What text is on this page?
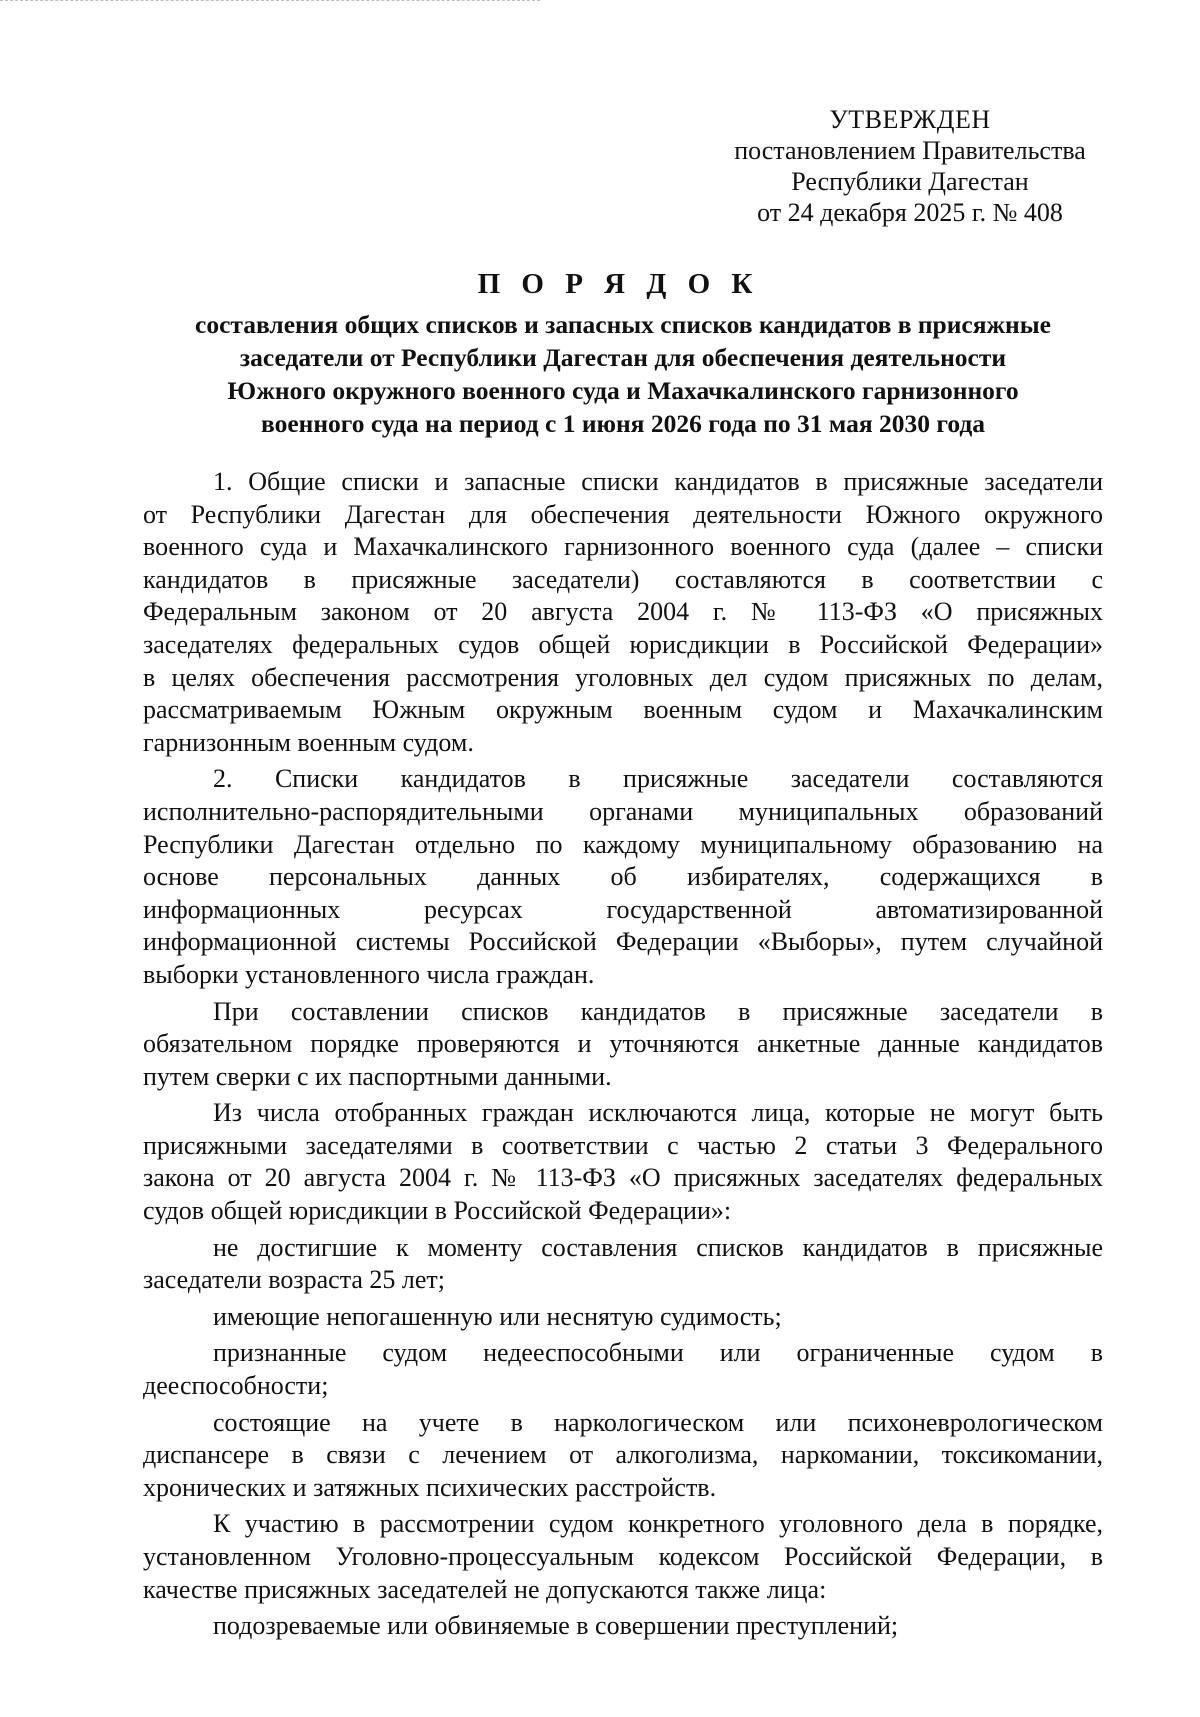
УТВЕРЖДЕН
постановлением Правительства
Республики Дагестан
от 24 декабря 2025 г. № 408
П О Р Я Д О К
составления общих списков и запасных списков кандидатов в присяжные
заседатели от Республики Дагестан для обеспечения деятельности
Южного окружного военного суда и Махачкалинского гарнизонного
военного суда на период с 1 июня 2026 года по 31 мая 2030 года

1. Общие списки и запасные списки кандидатов в присяжные заседатели
от Республики Дагестан для обеспечения деятельности Южного окружного
военного суда и Махачкалинского гарнизонного военного суда (далее – списки
кандидатов в присяжные заседатели) составляются в соответствии с
Федеральным законом от 20 августа 2004 г. № 113-ФЗ «О присяжных
заседателях федеральных судов общей юрисдикции в Российской Федерации»
в целях обеспечения рассмотрения уголовных дел судом присяжных по делам,
рассматриваемым Южным окружным военным судом и Махачкалинским
гарнизонным военным судом.

2. Списки кандидатов в присяжные заседатели составляются
исполнительно-распорядительными органами муниципальных образований
Республики Дагестан отдельно по каждому муниципальному образованию на
основе персональных данных об избирателях, содержащихся в
информационных ресурсах государственной автоматизированной
информационной системы Российской Федерации «Выборы», путем случайной
выборки установленного числа граждан.

При составлении списков кандидатов в присяжные заседатели в
обязательном порядке проверяются и уточняются анкетные данные кандидатов
путем сверки с их паспортными данными.

Из числа отобранных граждан исключаются лица, которые не могут быть
присяжными заседателями в соответствии с частью 2 статьи 3 Федерального
закона от 20 августа 2004 г. № 113-ФЗ «О присяжных заседателях федеральных
судов общей юрисдикции в Российской Федерации»:

не достигшие к моменту составления списков кандидатов в присяжные
заседатели возраста 25 лет;

имеющие непогашенную или неснятую судимость;

признанные судом недееспособными или ограниченные судом в
дееспособности;

состоящие на учете в наркологическом или психоневрологическом
диспансере в связи с лечением от алкоголизма, наркомании, токсикомании,
хронических и затяжных психических расстройств.

К участию в рассмотрении судом конкретного уголовного дела в порядке,
установленном Уголовно-процессуальным кодексом Российской Федерации, в
качестве присяжных заседателей не допускаются также лица:

подозреваемые или обвиняемые в совершении преступлений;
